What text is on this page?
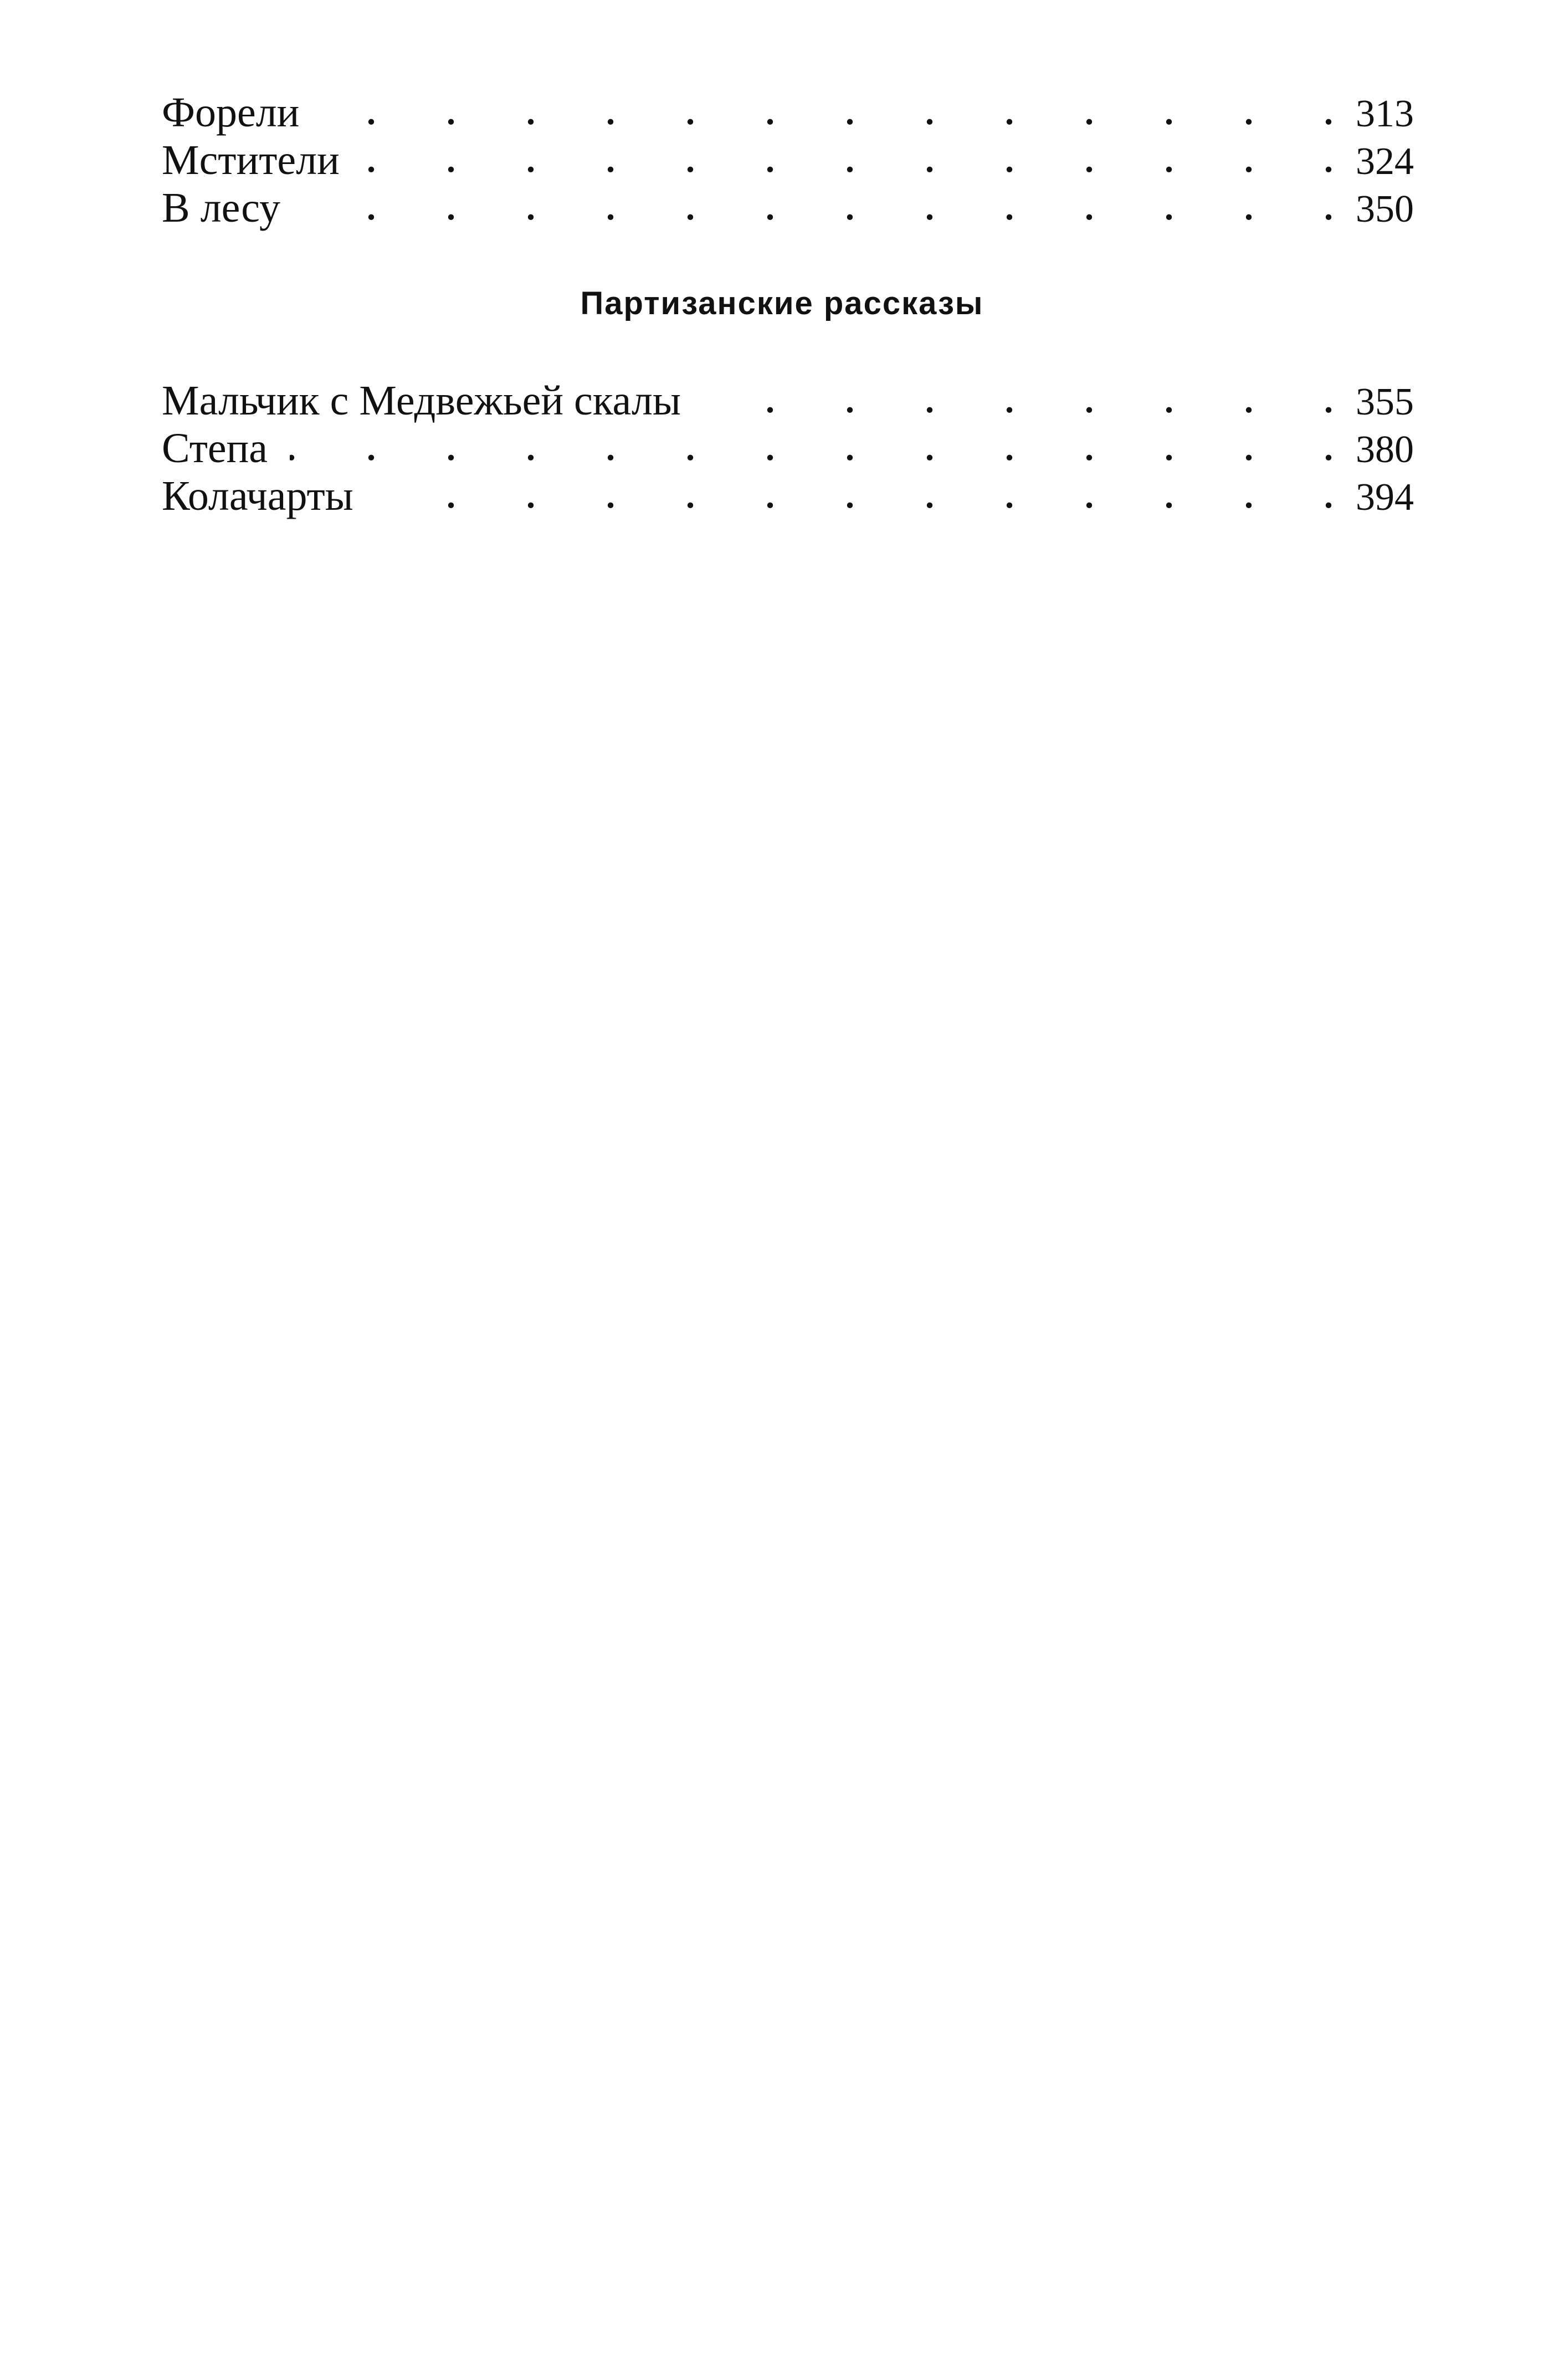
Форели .	313
Мстители .	324
В лесу .	350
Партизанские рассказы
Мальчик с Медвежьей скалы .	355
Степа .	380
Колачарты .	394
